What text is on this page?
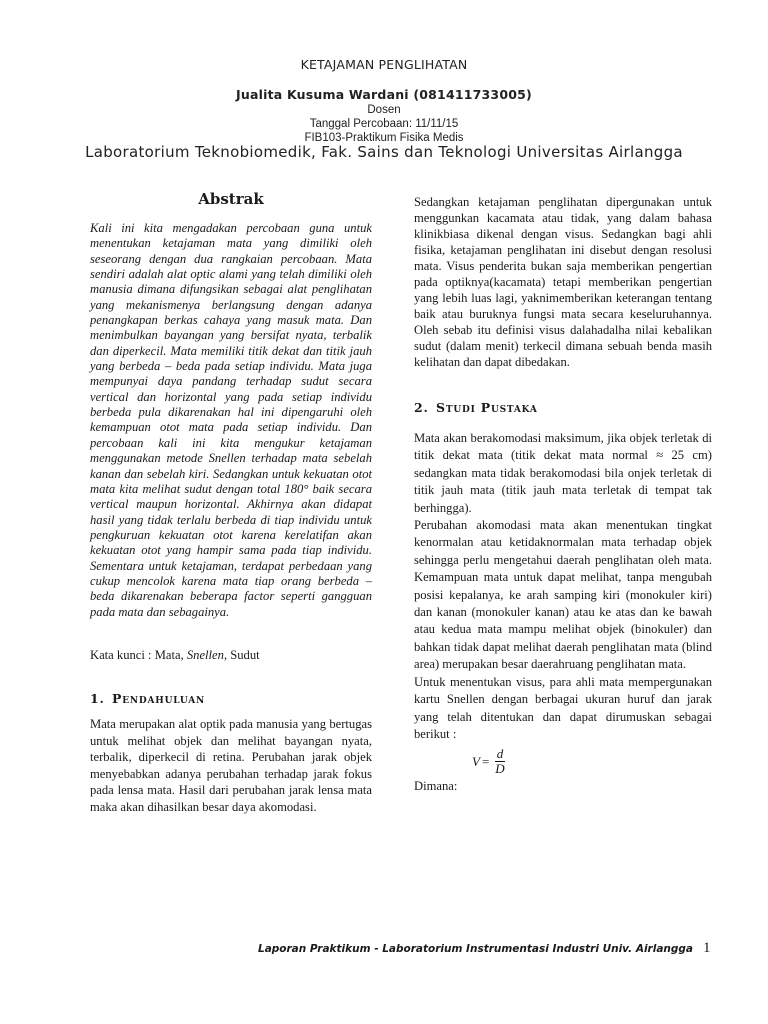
KETAJAMAN PENGLIHATAN
Jualita Kusuma Wardani (081411733005)
Dosen
Tanggal Percobaan: 11/11/15
FIB103-Praktikum Fisika Medis
Laboratorium Teknobiomedik, Fak. Sains dan Teknologi Universitas Airlangga
Abstrak

Kali ini kita mengadakan percobaan guna untuk menentukan ketajaman mata yang dimiliki oleh seseorang dengan dua rangkaian percobaan. Mata sendiri adalah alat optic alami yang telah dimiliki oleh manusia dimana difungsikan sebagai alat penglihatan yang mekanismenya berlangsung dengan adanya penangkapan berkas cahaya yang masuk mata. Dan menimbulkan bayangan yang bersifat nyata, terbalik dan diperkecil. Mata memiliki titik dekat dan titik jauh yang berbeda – beda pada setiap individu. Mata juga mempunyai daya pandang terhadap sudut secara vertical dan horizontal yang pada setiap individu berbeda pula dikarenakan hal ini dipengaruhi oleh kemampuan otot mata pada setiap individu. Dan percobaan kali ini kita mengukur ketajaman menggunakan metode Snellen terhadap mata sebelah kanan dan sebelah kiri. Sedangkan untuk kekuatan otot mata kita melihat sudut dengan total 180° baik secara vertical maupun horizontal. Akhirnya akan didapat hasil yang tidak terlalu berbeda di tiap individu untuk pengkuruan kekuatan otot karena kerelatifan akan kekuatan otot yang hampir sama pada tiap individu. Sementara untuk ketajaman, terdapat perbedaan yang cukup mencolok karena mata tiap orang berbeda – beda dikarenakan beberapa factor seperti gangguan pada mata dan sebagainya.

Kata kunci : Mata, Snellen, Sudut
1. Pendahuluan

Mata merupakan alat optik pada manusia yang bertugas untuk melihat objek dan melihat bayangan nyata, terbalik, diperkecil di retina. Perubahan jarak objek menyebabkan adanya perubahan terhadap jarak fokus pada lensa mata. Hasil dari perubahan jarak lensa mata maka akan dihasilkan besar daya akomodasi.

Sedangkan ketajaman penglihatan dipergunakan untuk menggunkan kacamata atau tidak, yang dalam bahasa klinikbiasa dikenal dengan visus. Sedangkan bagi ahli fisika, ketajaman penglihatan ini disebut dengan resolusi mata. Visus penderita bukan saja memberikan pengertian pada optiknya(kacamata) tetapi memberikan pengertian yang lebih luas lagi, yaknimemberikan keterangan tentang baik atau buruknya fungsi mata secara keseluruhannya. Oleh sebab itu definisi visus dalahadalha nilai kebalikan sudut (dalam menit) terkecil dimana sebuah benda masih kelihatan dan dapat dibedakan.

2. Studi Pustaka

Mata akan berakomodasi maksimum, jika objek terletak di titik dekat mata (titik dekat mata normal ≈ 25 cm) sedangkan mata tidak berakomodasi bila onjek terletak di titik jauh mata (titik jauh mata terletak di tempat tak berhingga).

Perubahan akomodasi mata akan menentukan tingkat kenormalan atau ketidaknormalan mata terhadap objek sehingga perlu mengetahui daerah penglihatan oleh mata. Kemampuan mata untuk dapat melihat, tanpa mengubah posisi kepalanya, ke arah samping kiri (monokuler kiri) dan kanan (monokuler kanan) atau ke atas dan ke bawah atau kedua mata mampu melihat objek (binokuler) dan bahkan tidak dapat melihat daerah penglihatan mata (blind area) merupakan besar daerahruang penglihatan mata.

Untuk menentukan visus, para ahli mata mempergunakan kartu Snellen dengan berbagai ukuran huruf dan jarak yang telah ditentukan dan dapat dirumuskan sebagai berikut :

$V = \frac{d}{D}$

Dimana:

Laporan Praktikum - Laboratorium Instrumentasi Industri Univ. Airlangga 1
